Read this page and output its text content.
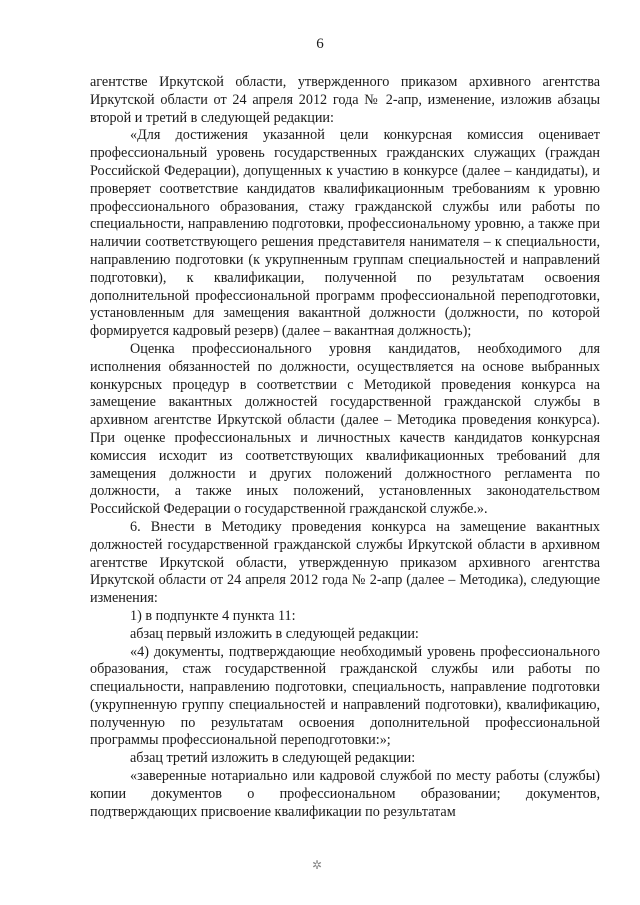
6

агентстве Иркутской области, утвержденного приказом архивного агентства Иркутской области от 24 апреля 2012 года № 2-апр, изменение, изложив абзацы второй и третий в следующей редакции:

«Для достижения указанной цели конкурсная комиссия оценивает профессиональный уровень государственных гражданских служащих (граждан Российской Федерации), допущенных к участию в конкурсе (далее – кандидаты), и проверяет соответствие кандидатов квалификационным требованиям к уровню профессионального образования, стажу гражданской службы или работы по специальности, направлению подготовки, профессиональному уровню, а также при наличии соответствующего решения представителя нанимателя – к специальности, направлению подготовки (к укрупненным группам специальностей и направлений подготовки), к квалификации, полученной по результатам освоения дополнительной профессиональной программ профессиональной переподготовки, установленным для замещения вакантной должности (должности, по которой формируется кадровый резерв) (далее – вакантная должность);

Оценка профессионального уровня кандидатов, необходимого для исполнения обязанностей по должности, осуществляется на основе выбранных конкурсных процедур в соответствии с Методикой проведения конкурса на замещение вакантных должностей государственной гражданской службы в архивном агентстве Иркутской области (далее – Методика проведения конкурса). При оценке профессиональных и личностных качеств кандидатов конкурсная комиссия исходит из соответствующих квалификационных требований для замещения должности и других положений должностного регламента по должности, а также иных положений, установленных законодательством Российской Федерации о государственной гражданской службе.».

6. Внести в Методику проведения конкурса на замещение вакантных должностей государственной гражданской службы Иркутской области в архивном агентстве Иркутской области, утвержденную приказом архивного агентства Иркутской области от 24 апреля 2012 года № 2-апр (далее – Методика), следующие изменения:

1) в подпункте 4 пункта 11:

абзац первый изложить в следующей редакции:

«4) документы, подтверждающие необходимый уровень профессионального образования, стаж государственной гражданской службы или работы по специальности, направлению подготовки, специальность, направление подготовки (укрупненную группу специальностей и направлений подготовки), квалификацию, полученную по результатам освоения дополнительной профессиональной программы профессиональной переподготовки:»;

абзац третий изложить в следующей редакции:

«заверенные нотариально или кадровой службой по месту работы (службы) копии документов о профессиональном образовании; документов, подтверждающих присвоение квалификации по результатам

✲
